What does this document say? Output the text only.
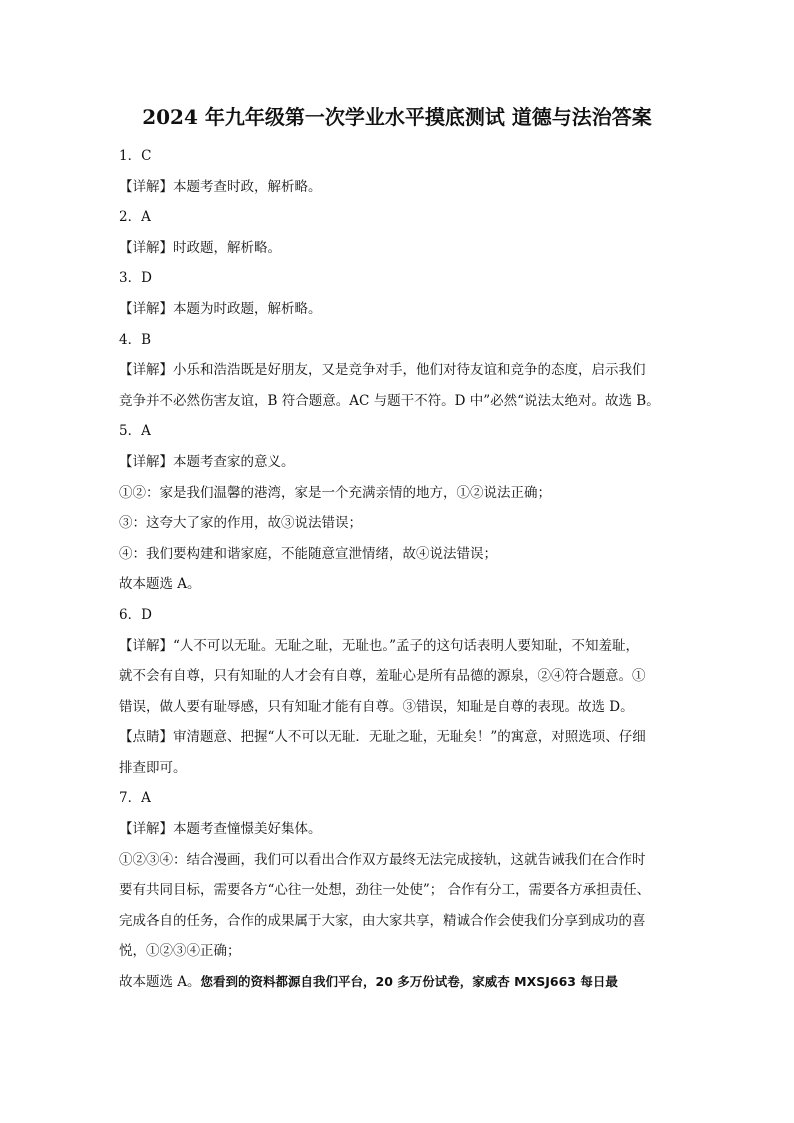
2024 年九年级第一次学业水平摸底测试 道德与法治答案
1．C
【详解】本题考查时政，解析略。
2．A
【详解】时政题，解析略。
3．D
【详解】本题为时政题，解析略。
4．B
【详解】小乐和浩浩既是好朋友，又是竞争对手，他们对待友谊和竞争的态度，启示我们
竞争并不必然伤害友谊，B 符合题意。AC 与题干不符。D 中”必然“说法太绝对。故选 B。
5．A
【详解】本题考查家的意义。
①②：家是我们温馨的港湾，家是一个充满亲情的地方，①②说法正确；
③：这夸大了家的作用，故③说法错误；
④：我们要构建和谐家庭，不能随意宣泄情绪，故④说法错误；
故本题选 A。
6．D
【详解】“人不可以无耻。无耻之耻，无耻也。”孟子的这句话表明人要知耻，不知羞耻，
就不会有自尊，只有知耻的人才会有自尊，羞耻心是所有品德的源泉，②④符合题意。①
错误，做人要有耻辱感，只有知耻才能有自尊。③错误，知耻是自尊的表现。故选 D。
【点睛】审清题意、把握“人不可以无耻．无耻之耻，无耻矣！”的寓意，对照选项、仔细
排查即可。
7．A
【详解】本题考查憧憬美好集体。
①②③④：结合漫画，我们可以看出合作双方最终无法完成接轨，这就告诫我们在合作时
要有共同目标，需要各方“心往一处想，劲往一处使”； 合作有分工，需要各方承担责任、
完成各自的任务，合作的成果属于大家，由大家共享，精诚合作会使我们分享到成功的喜
悦，①②③④正确；
故本题选 A。您看到的资料都源自我们平台，20 多万份试卷，家威杏 MXSJ663 每日最
